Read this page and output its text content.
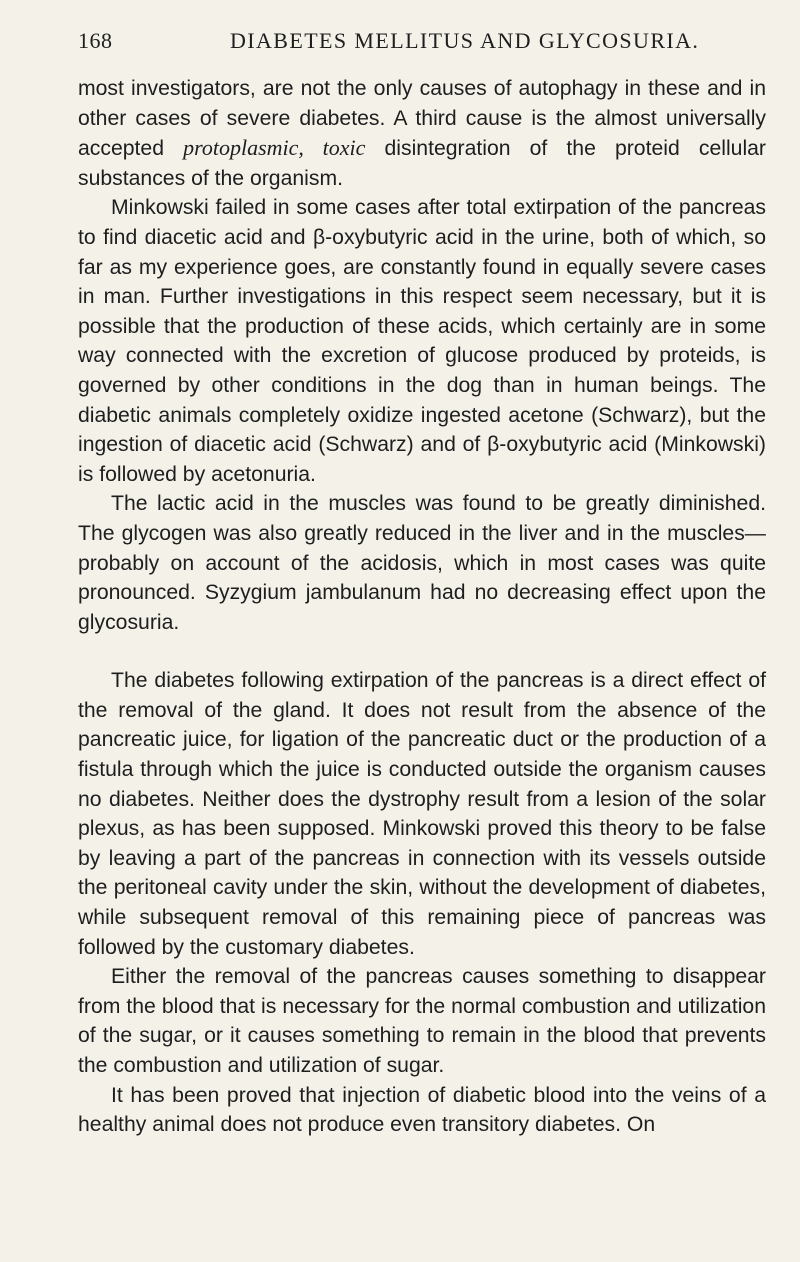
168	DIABETES MELLITUS AND GLYCOSURIA.

most investigators, are not the only causes of autophagy in these and in other cases of severe diabetes. A third cause is the almost universally accepted protoplasmic, toxic disintegration of the proteid cellular substances of the organism.

Minkowski failed in some cases after total extirpation of the pancreas to find diacetic acid and β-oxybutyric acid in the urine, both of which, so far as my experience goes, are constantly found in equally severe cases in man. Further investigations in this respect seem necessary, but it is possible that the production of these acids, which certainly are in some way connected with the excretion of glucose produced by proteids, is governed by other conditions in the dog than in human beings. The diabetic animals completely oxidize ingested acetone (Schwarz), but the ingestion of diacetic acid (Schwarz) and of β-oxybutyric acid (Minkowski) is followed by acetonuria.

The lactic acid in the muscles was found to be greatly diminished. The glycogen was also greatly reduced in the liver and in the muscles—probably on account of the acidosis, which in most cases was quite pronounced. Syzygium jambulanum had no decreasing effect upon the glycosuria.

The diabetes following extirpation of the pancreas is a direct effect of the removal of the gland. It does not result from the absence of the pancreatic juice, for ligation of the pancreatic duct or the production of a fistula through which the juice is conducted outside the organism causes no diabetes. Neither does the dystrophy result from a lesion of the solar plexus, as has been supposed. Minkowski proved this theory to be false by leaving a part of the pancreas in connection with its vessels outside the peritoneal cavity under the skin, without the development of diabetes, while subsequent removal of this remaining piece of pancreas was followed by the customary diabetes.

Either the removal of the pancreas causes something to disappear from the blood that is necessary for the normal combustion and utilization of the sugar, or it causes something to remain in the blood that prevents the combustion and utilization of sugar.

It has been proved that injection of diabetic blood into the veins of a healthy animal does not produce even transitory diabetes. On
